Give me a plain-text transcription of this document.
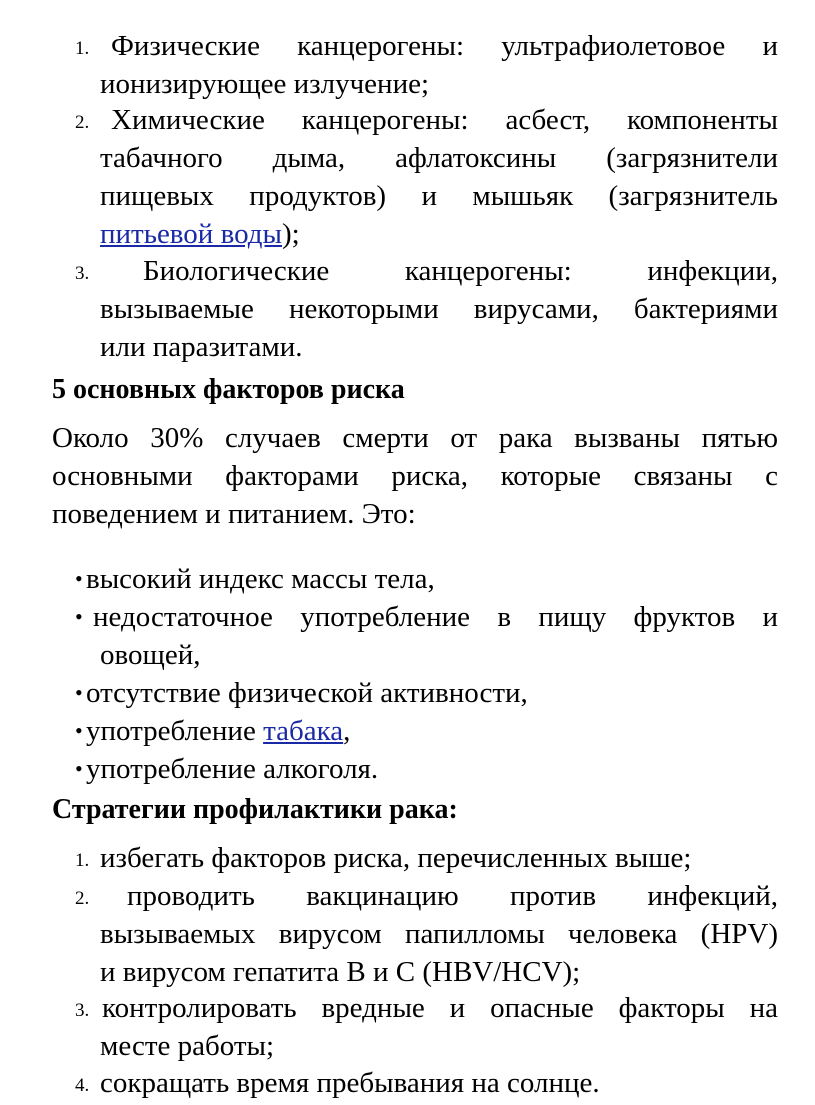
1. Физические канцерогены: ультрафиолетовое и
ионизирующее излучение;
2. Химические канцерогены: асбест, компоненты
табачного дыма, афлатоксины (загрязнители
пищевых продуктов) и мышьяк (загрязнитель
питьевой воды);
3.	Биологические канцерогены: инфекции,
вызываемые некоторыми вирусами, бактериями
или паразитами.
5 основных факторов риска
Около 30% случаев смерти от рака вызваны пятью
основными факторами риска, которые связаны с
поведением и питанием. Это:
• высокий индекс массы тела,
• недостаточное употребление в пищу фруктов и
овощей,
• отсутствие физической активности,
• употребление табака,
• употребление алкоголя.
Стратегии профилактики рака:
1. избегать факторов риска, перечисленных выше;
2.	проводить вакцинацию против инфекций,
вызываемых вирусом папилломы человека (HPV)
и вирусом гепатита B и C (HBV/HCV);
3. контролировать вредные и опасные факторы на
месте работы;
4. сокращать время пребывания на солнце.
